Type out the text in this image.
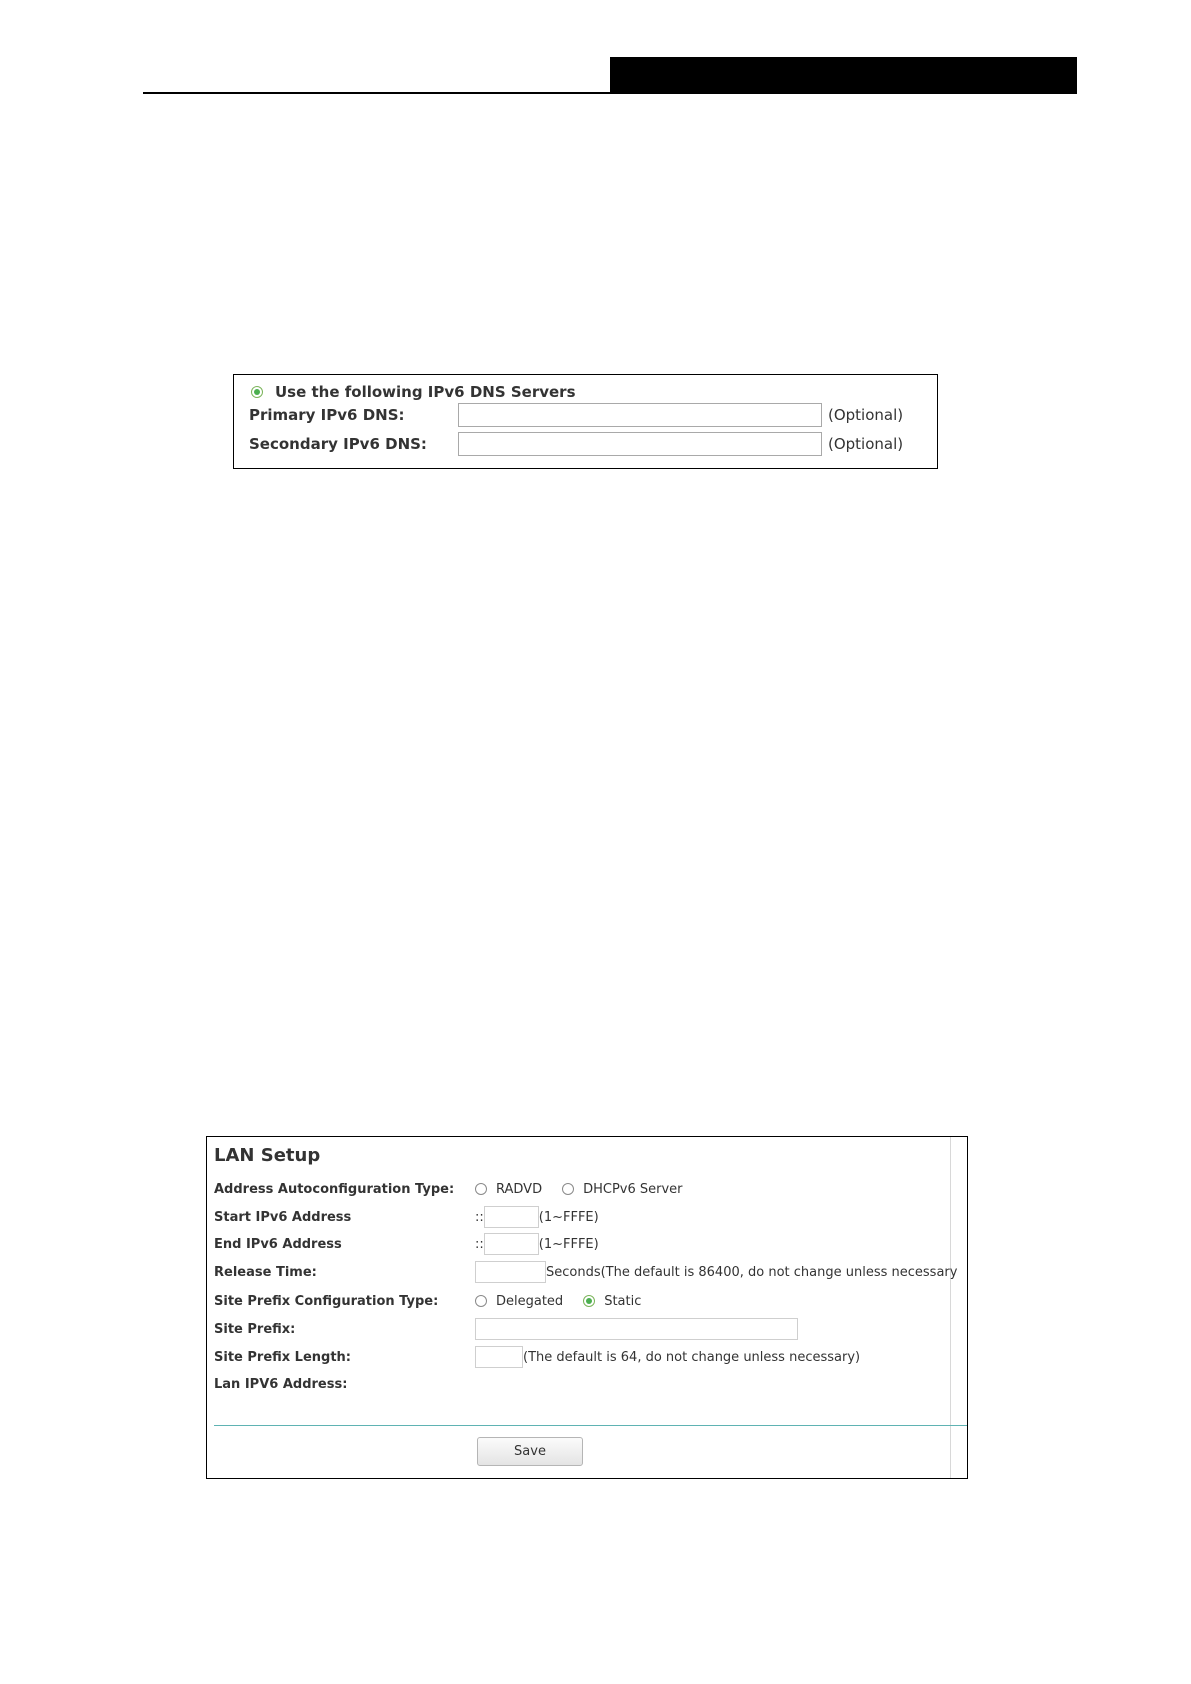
Use the following IPv6 DNS Servers
Primary IPv6 DNS:	(Optional)
Secondary IPv6 DNS:	(Optional)
LAN Setup
Address Autoconfiguration Type:	RADVD	DHCPv6 Server
Start IPv6 Address	::	(1~FFFE)
End IPv6 Address	::	(1~FFFE)
Release Time:	Seconds(The default is 86400, do not change unless necessary
Site Prefix Configuration Type:	Delegated	Static
Site Prefix:
Site Prefix Length:	(The default is 64, do not change unless necessary)
Lan IPV6 Address:
Save
